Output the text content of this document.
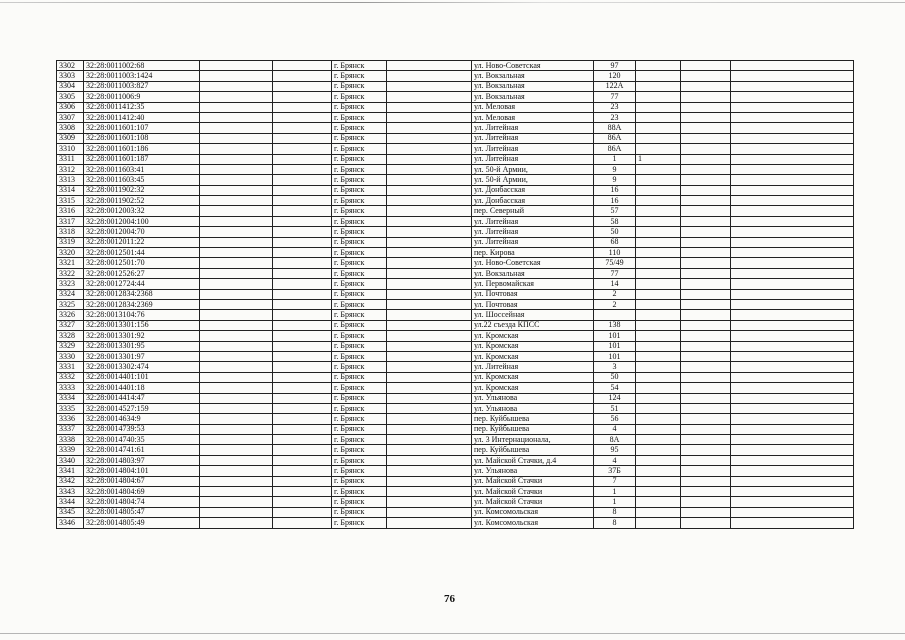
3302	32:28:0011002:68			г. Брянск		ул. Ново-Советская	97			
3303	32:28:0011003:1424			г. Брянск		ул. Вокзальная	120			
3304	32:28:0011003:827			г. Брянск		ул. Вокзальная	122А			
3305	32:28:0011006:9			г. Брянск		ул. Вокзальная	77			
3306	32:28:0011412:35			г. Брянск		ул. Меловая	23			
3307	32:28:0011412:40			г. Брянск		ул. Меловая	23			
3308	32:28:0011601:107			г. Брянск		ул. Литейная	88А			
3309	32:28:0011601:108			г. Брянск		ул. Литейная	86А			
3310	32:28:0011601:186			г. Брянск		ул. Литейная	86А			
3311	32:28:0011601:187			г. Брянск		ул. Литейная	1	1		
3312	32:28:0011603:41			г. Брянск		ул. 50-й Армии,	9			
3313	32:28:0011603:45			г. Брянск		ул. 50-й Армии,	9			
3314	32:28:0011902:32			г. Брянск		ул. Донбасская	16			
3315	32:28:0011902:52			г. Брянск		ул. Донбасская	16			
3316	32:28:0012003:32			г. Брянск		пер. Северный	57			
3317	32:28:0012004:100			г. Брянск		ул. Литейная	58			
3318	32:28:0012004:70			г. Брянск		ул. Литейная	50			
3319	32:28:0012011:22			г. Брянск		ул. Литейная	68			
3320	32:28:0012501:44			г. Брянск		пер. Кирова	110			
3321	32:28:0012501:70			г. Брянск		ул. Ново-Советская	75/49			
3322	32:28:0012526:27			г. Брянск		ул. Вокзальная	77			
3323	32:28:0012724:44			г. Брянск		ул. Первомайская	14			
3324	32:28:0012834:2368			г. Брянск		ул. Почтовая	2			
3325	32:28:0012834:2369			г. Брянск		ул. Почтовая	2			
3326	32:28:0013104:76			г. Брянск		ул. Шоссейная				
3327	32:28:0013301:156			г. Брянск		ул.22 съезда КПСС	138			
3328	32:28:0013301:92			г. Брянск		ул. Кромская	101			
3329	32:28:0013301:95			г. Брянск		ул. Кромская	101			
3330	32:28:0013301:97			г. Брянск		ул. Кромская	101			
3331	32:28:0013302:474			г. Брянск		ул. Литейная	3			
3332	32:28:0014401:101			г. Брянск		ул. Кромская	50			
3333	32:28:0014401:18			г. Брянск		ул. Кромская	54			
3334	32:28:0014414:47			г. Брянск		ул. Ульянова	124			
3335	32:28:0014527:159			г. Брянск		ул. Ульянова	51			
3336	32:28:0014634:9			г. Брянск		пер. Куйбышева	56			
3337	32:28:0014739:53			г. Брянск		пер. Куйбышева	4			
3338	32:28:0014740:35			г. Брянск		ул. 3 Интернационала,	8А			
3339	32:28:0014741:61			г. Брянск		пер. Куйбышева	95			
3340	32:28:0014803:97			г. Брянск		ул. Майской Стачки, д.4	4			
3341	32:28:0014804:101			г. Брянск		ул. Ульянова	37Б			
3342	32:28:0014804:67			г. Брянск		ул. Майской Стачки	7			
3343	32:28:0014804:69			г. Брянск		ул. Майской Стачки	1			
3344	32:28:0014804:74			г. Брянск		ул. Майской Стачки	1			
3345	32:28:0014805:47			г. Брянск		ул. Комсомольская	8			
3346	32:28:0014805:49			г. Брянск		ул. Комсомольская	8			
76
